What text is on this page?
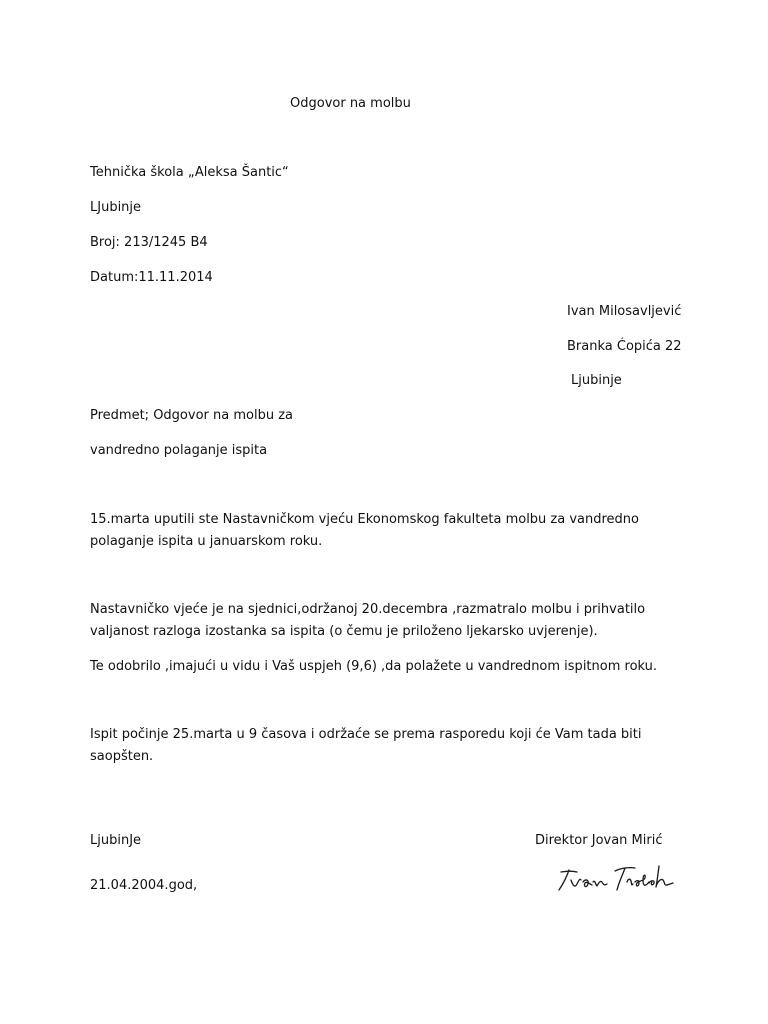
Odgovor na molbu
Tehnička škola „Aleksa Šantic“
LJubinje
Broj: 213/1245 B4
Datum:11.11.2014
Ivan Milosavljević
Branka Ćopića 22
Ljubinje
Predmet; Odgovor na molbu za
vandredno polaganje ispita
15.marta uputili ste Nastavničkom vjeću Ekonomskog fakulteta molbu za vandredno polaganje ispita u januarskom roku.
Nastavničko vjeće je na sjednici,održanoj 20.decembra ,razmatralo molbu i prihvatilo valjanost razloga izostanka sa ispita (o čemu je priloženo ljekarsko uvjerenje).
Te odobrilo ,imajući u vidu i Vaš uspjeh (9,6) ,da polažete u vandrednom ispitnom roku.
Ispit počinje 25.marta u 9 časova i održaće se prema rasporedu koji će Vam tada biti saopšten.
LjubinJe
21.04.2004.god,
Direktor Jovan Mirić
